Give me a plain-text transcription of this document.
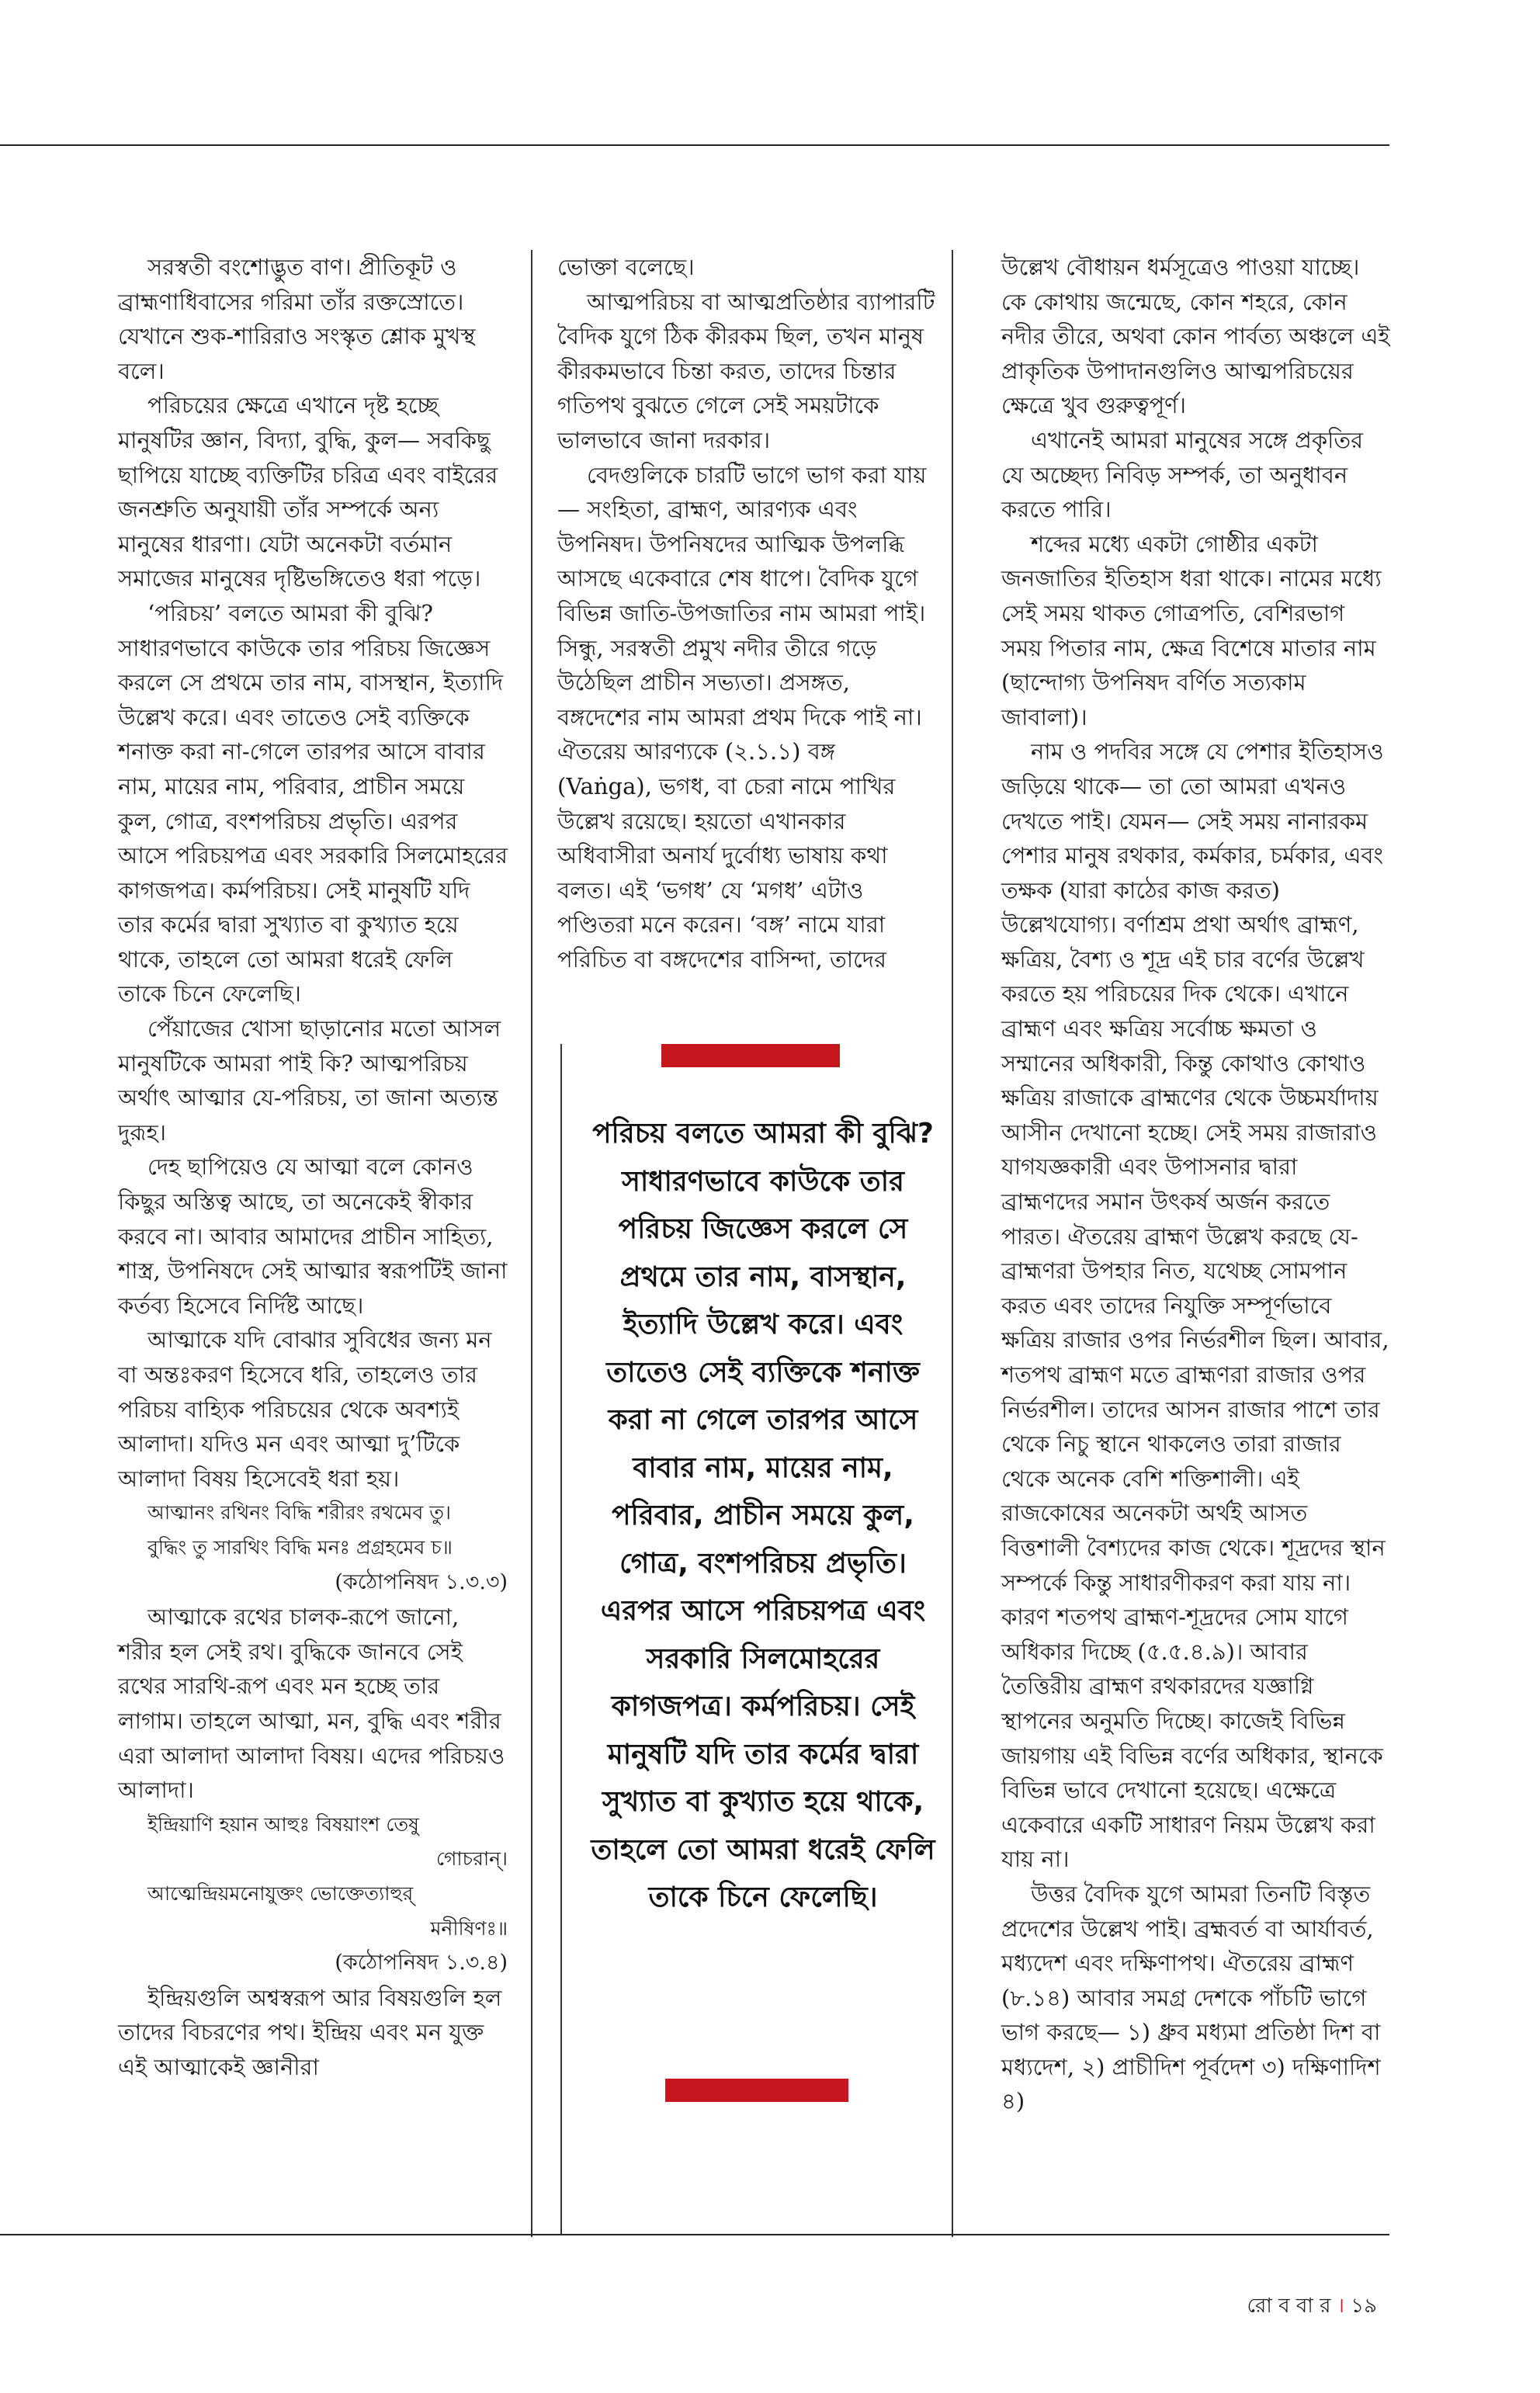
সরস্বতী বংশোদ্ভুত বাণ। প্রীতিকূট ও ব্রাহ্মণাধিবাসের গরিমা তাঁর রক্তস্রোতে। যেখানে শুক-শারিরাও সংস্কৃত শ্লোক মুখস্থ বলে।

পরিচয়ের ক্ষেত্রে এখানে দৃষ্ট হচ্ছে মানুষটির জ্ঞান, বিদ্যা, বুদ্ধি, কুল— সবকিছু ছাপিয়ে যাচ্ছে ব্যক্তিটির চরিত্র এবং বাইরের জনশ্রুতি অনুযায়ী তাঁর সম্পর্কে অন্য মানুষের ধারণা। যেটা অনেকটা বর্তমান সমাজের মানুষের দৃষ্টিভঙ্গিতেও ধরা পড়ে।

‘পরিচয়’ বলতে আমরা কী বুঝি? সাধারণভাবে কাউকে তার পরিচয় জিজ্ঞেস করলে সে প্রথমে তার নাম, বাসস্থান, ইত্যাদি উল্লেখ করে। এবং তাতেও সেই ব্যক্তিকে শনাক্ত করা না-গেলে তারপর আসে বাবার নাম, মায়ের নাম, পরিবার, প্রাচীন সময়ে কুল, গোত্র, বংশপরিচয় প্রভৃতি। এরপর আসে পরিচয়পত্র এবং সরকারি সিলমোহরের কাগজপত্র। কর্মপরিচয়। সেই মানুষটি যদি তার কর্মের দ্বারা সুখ্যাত বা কুখ্যাত হয়ে থাকে, তাহলে তো আমরা ধরেই ফেলি তাকে চিনে ফেলেছি।

পেঁয়াজের খোসা ছাড়ানোর মতো আসল মানুষটিকে আমরা পাই কি? আত্মপরিচয় অর্থাৎ আত্মার যে-পরিচয়, তা জানা অত্যন্ত দুরূহ।

দেহ ছাপিয়েও যে আত্মা বলে কোনও কিছুর অস্তিত্ব আছে, তা অনেকেই স্বীকার করবে না। আবার আমাদের প্রাচীন সাহিত্য, শাস্ত্র, উপনিষদে সেই আত্মার স্বরূপটিই জানা কর্তব্য হিসেবে নির্দিষ্ট আছে।

আত্মাকে যদি বোঝার সুবিধের জন্য মন বা অন্তঃকরণ হিসেবে ধরি, তাহলেও তার পরিচয় বাহ্যিক পরিচয়ের থেকে অবশ্যই আলাদা। যদিও মন এবং আত্মা দু’টিকে আলাদা বিষয় হিসেবেই ধরা হয়।

আত্মানং রথিনং বিদ্ধি শরীরং রথমেব তু।

বুদ্ধিং তু সারথিং বিদ্ধি মনঃ প্রগ্রহমেব চ॥

(কঠোপনিষদ ১.৩.৩)

আত্মাকে রথের চালক-রূপে জানো, শরীর হল সেই রথ। বুদ্ধিকে জানবে সেই রথের সারথি-রূপ এবং মন হচ্ছে তার লাগাম। তাহলে আত্মা, মন, বুদ্ধি এবং শরীর এরা আলাদা আলাদা বিষয়। এদের পরিচয়ও আলাদা।

ইন্দ্রিয়াণি হয়ান আহুঃ বিষয়াংশ তেষু

গোচরান্।

আত্মেন্দ্রিয়মনোযুক্তং ভোক্তেত্যাহুর্

মনীষিণঃ॥

(কঠোপনিষদ ১.৩.৪)

ইন্দ্রিয়গুলি অশ্বস্বরূপ আর বিষয়গুলি হল তাদের বিচরণের পথ। ইন্দ্রিয় এবং মন যুক্ত এই আত্মাকেই জ্ঞানীরা

ভোক্তা বলেছে।

আত্মপরিচয় বা আত্মপ্রতিষ্ঠার ব্যাপারটি বৈদিক যুগে ঠিক কীরকম ছিল, তখন মানুষ কীরকমভাবে চিন্তা করত, তাদের চিন্তার গতিপথ বুঝতে গেলে সেই সময়টাকে ভালভাবে জানা দরকার।

বেদগুলিকে চারটি ভাগে ভাগ করা যায়— সংহিতা, ব্রাহ্মণ, আরণ্যক এবং উপনিষদ। উপনিষদের আত্মিক উপলব্ধি আসছে একেবারে শেষ ধাপে। বৈদিক যুগে বিভিন্ন জাতি-উপজাতির নাম আমরা পাই। সিন্ধু, সরস্বতী প্রমুখ নদীর তীরে গড়ে উঠেছিল প্রাচীন সভ্যতা। প্রসঙ্গত, বঙ্গদেশের নাম আমরা প্রথম দিকে পাই না। ঐতরেয় আরণ্যকে (২.১.১) বঙ্গ (Vaṅga), ভগধ, বা চেরা নামে পাখির উল্লেখ রয়েছে। হয়তো এখানকার অধিবাসীরা অনার্য দুর্বোধ্য ভাষায় কথা বলত। এই ‘ভগধ’ যে ‘মগধ’ এটাও পণ্ডিতরা মনে করেন। ‘বঙ্গ’ নামে যারা পরিচিত বা বঙ্গদেশের বাসিন্দা, তাদের

উল্লেখ বৌধায়ন ধর্মসূত্রেও পাওয়া যাচ্ছে। কে কোথায় জন্মেছে, কোন শহরে, কোন নদীর তীরে, অথবা কোন পার্বত্য অঞ্চলে এই প্রাকৃতিক উপাদানগুলিও আত্মপরিচয়ের ক্ষেত্রে খুব গুরুত্বপূর্ণ।

এখানেই আমরা মানুষের সঙ্গে প্রকৃতির যে অচ্ছেদ্য নিবিড় সম্পর্ক, তা অনুধাবন করতে পারি।

শব্দের মধ্যে একটা গোষ্ঠীর একটা জনজাতির ইতিহাস ধরা থাকে। নামের মধ্যে সেই সময় থাকত গোত্রপতি, বেশিরভাগ সময় পিতার নাম, ক্ষেত্র বিশেষে মাতার নাম (ছান্দোগ্য উপনিষদ বর্ণিত সত্যকাম জাবালা)।

নাম ও পদবির সঙ্গে যে পেশার ইতিহাসও জড়িয়ে থাকে— তা তো আমরা এখনও দেখতে পাই। যেমন— সেই সময় নানারকম পেশার মানুষ রথকার, কর্মকার, চর্মকার, এবং তক্ষক (যারা কাঠের কাজ করত) উল্লেখযোগ্য। বর্ণাশ্রম প্রথা অর্থাৎ ব্রাহ্মণ, ক্ষত্রিয়, বৈশ্য ও শূদ্র এই চার বর্ণের উল্লেখ করতে হয় পরিচয়ের দিক থেকে। এখানে ব্রাহ্মণ এবং ক্ষত্রিয় সর্বোচ্চ ক্ষমতা ও সম্মানের অধিকারী, কিন্তু কোথাও কোথাও ক্ষত্রিয় রাজাকে ব্রাহ্মণের থেকে উচ্চমর্যাদায় আসীন দেখানো হচ্ছে। সেই সময় রাজারাও যাগযজ্ঞকারী এবং উপাসনার দ্বারা ব্রাহ্মণদের সমান উৎকর্ষ অর্জন করতে পারত। ঐতরেয় ব্রাহ্মণ উল্লেখ করছে যে-ব্রাহ্মণরা উপহার নিত, যথেচ্ছ সোমপান করত এবং তাদের নিযুক্তি সম্পূর্ণভাবে ক্ষত্রিয় রাজার ওপর নির্ভরশীল ছিল। আবার, শতপথ ব্রাহ্মণ মতে ব্রাহ্মণরা রাজার ওপর নির্ভরশীল। তাদের আসন রাজার পাশে তার থেকে নিচু স্থানে থাকলেও তারা রাজার থেকে অনেক বেশি শক্তিশালী। এই রাজকোষের অনেকটা অর্থই আসত বিত্তশালী বৈশ্যদের কাজ থেকে। শূদ্রদের স্থান সম্পর্কে কিন্তু সাধারণীকরণ করা যায় না। কারণ শতপথ ব্রাহ্মণ-শূদ্রদের সোম যাগে অধিকার দিচ্ছে (৫.৫.৪.৯)। আবার তৈত্তিরীয় ব্রাহ্মণ রথকারদের যজ্ঞাগ্নি স্থাপনের অনুমতি দিচ্ছে। কাজেই বিভিন্ন জায়গায় এই বিভিন্ন বর্ণের অধিকার, স্থানকে বিভিন্ন ভাবে দেখানো হয়েছে। এক্ষেত্রে একেবারে একটি সাধারণ নিয়ম উল্লেখ করা যায় না।

উত্তর বৈদিক যুগে আমরা তিনটি বিস্তৃত প্রদেশের উল্লেখ পাই। ব্রহ্মবর্ত বা আর্যাবর্ত, মধ্যদেশ এবং দক্ষিণাপথ। ঐতরেয় ব্রাহ্মণ (৮.১৪) আবার সমগ্র দেশকে পাঁচটি ভাগে ভাগ করছে— ১) ধ্রুব মধ্যমা প্রতিষ্ঠা দিশ বা মধ্যদেশ, ২) প্রাচীদিশ পূর্বদেশ ৩) দক্ষিণাদিশ ৪)

পরিচয় বলতে আমরা কী বুঝি? সাধারণভাবে কাউকে তার পরিচয় জিজ্ঞেস করলে সে প্রথমে তার নাম, বাসস্থান, ইত্যাদি উল্লেখ করে। এবং তাতেও সেই ব্যক্তিকে শনাক্ত করা না গেলে তারপর আসে বাবার নাম, মায়ের নাম, পরিবার, প্রাচীন সময়ে কুল, গোত্র, বংশপরিচয় প্রভৃতি। এরপর আসে পরিচয়পত্র এবং সরকারি সিলমোহরের কাগজপত্র। কর্মপরিচয়। সেই মানুষটি যদি তার কর্মের দ্বারা সুখ্যাত বা কুখ্যাত হয়ে থাকে, তাহলে তো আমরা ধরেই ফেলি তাকে চিনে ফেলেছি।
রো ব বা র । ১৯
